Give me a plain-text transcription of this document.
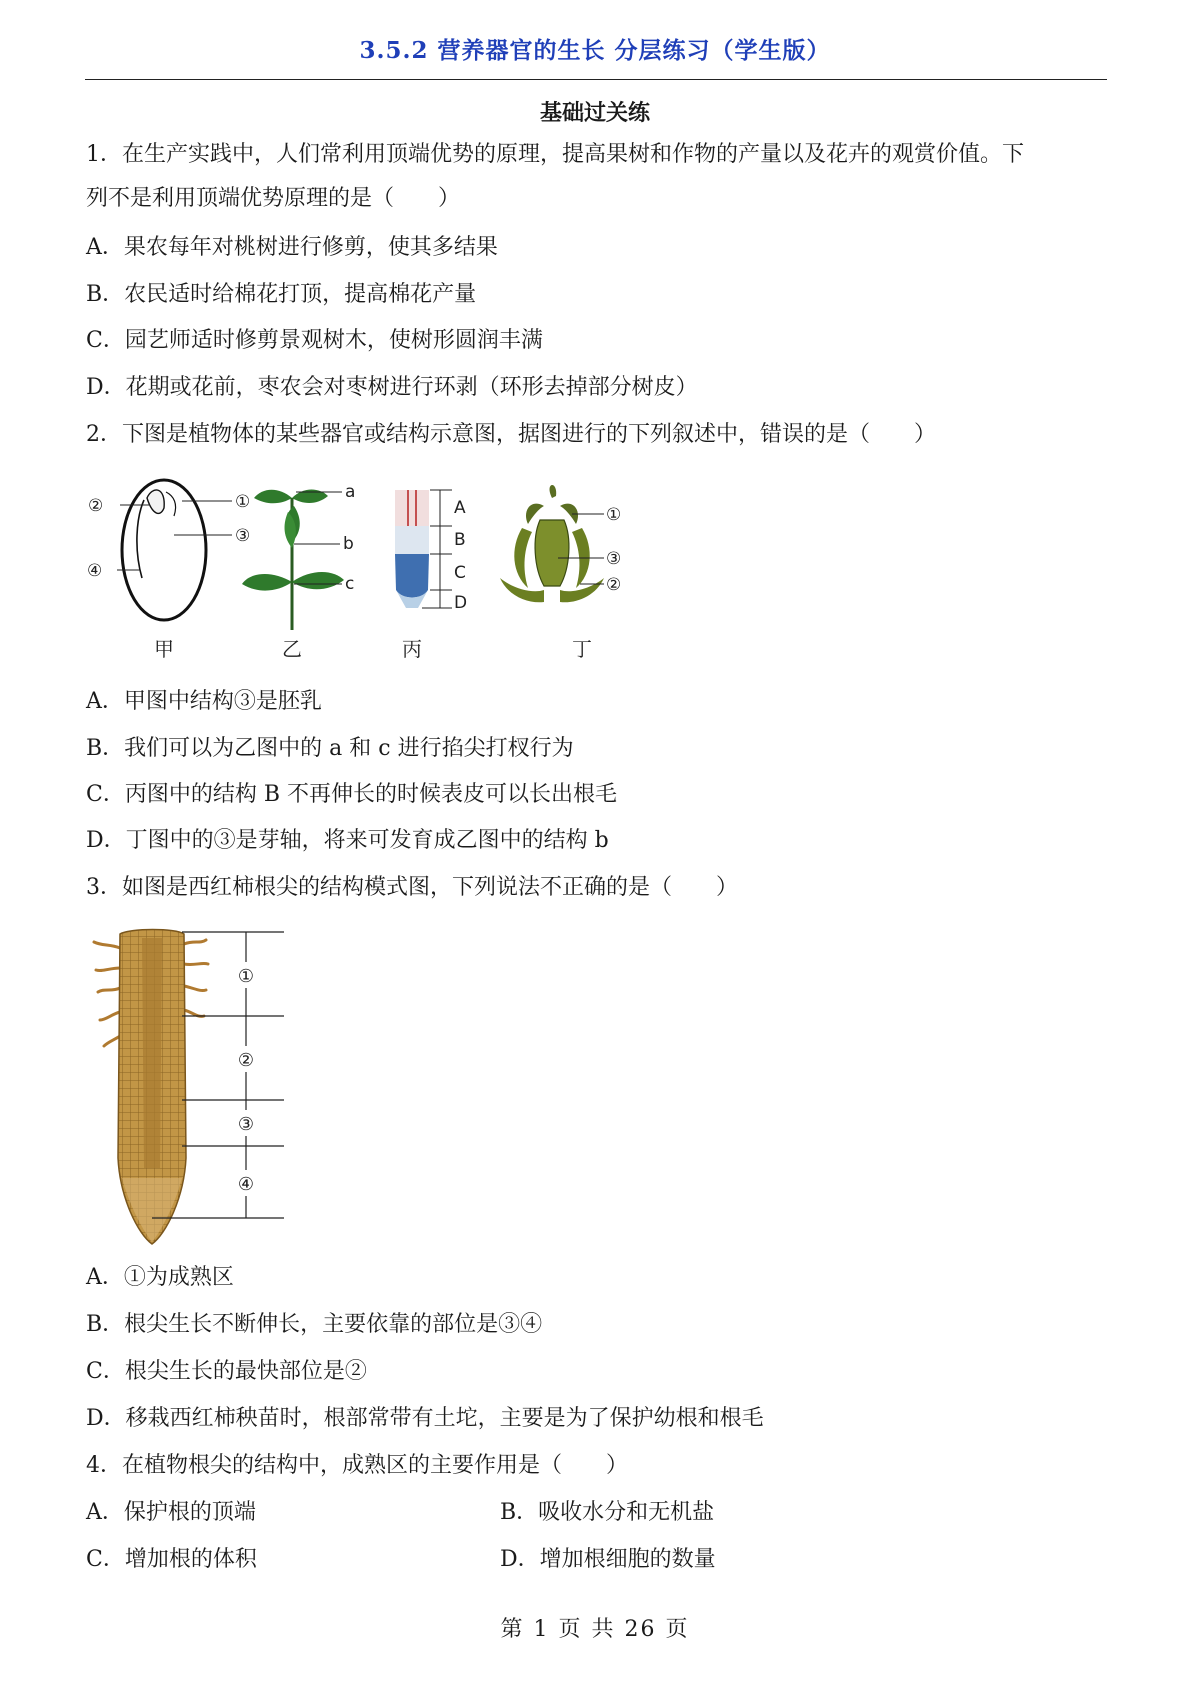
3.5.2 营养器官的生长 分层练习（学生版）
基础过关练
1．在生产实践中，人们常利用顶端优势的原理，提高果树和作物的产量以及花卉的观赏价值。下
列不是利用顶端优势原理的是（　　）
A．果农每年对桃树进行修剪，使其多结果
B．农民适时给棉花打顶，提高棉花产量
C．园艺师适时修剪景观树木，使树形圆润丰满
D．花期或花前，枣农会对枣树进行环剥（环形去掉部分树皮）
2．下图是植物体的某些器官或结构示意图，据图进行的下列叙述中，错误的是（　　）
②	①
③
④
a
b
c
A
B
C
D
①
③
②
甲	乙	丙	丁
A．甲图中结构③是胚乳
B．我们可以为乙图中的 a 和 c 进行掐尖打杈行为
C．丙图中的结构 B 不再伸长的时候表皮可以长出根毛
D．丁图中的③是芽轴，将来可发育成乙图中的结构 b
3．如图是西红柿根尖的结构模式图，下列说法不正确的是（　　）
①
②
③
④
A．①为成熟区
B．根尖生长不断伸长，主要依靠的部位是③④
C．根尖生长的最快部位是②
D．移栽西红柿秧苗时，根部常带有土坨，主要是为了保护幼根和根毛
4．在植物根尖的结构中，成熟区的主要作用是（　　）
A．保护根的顶端	B．吸收水分和无机盐
C．增加根的体积	D．增加根细胞的数量
第 1 页 共 26 页
